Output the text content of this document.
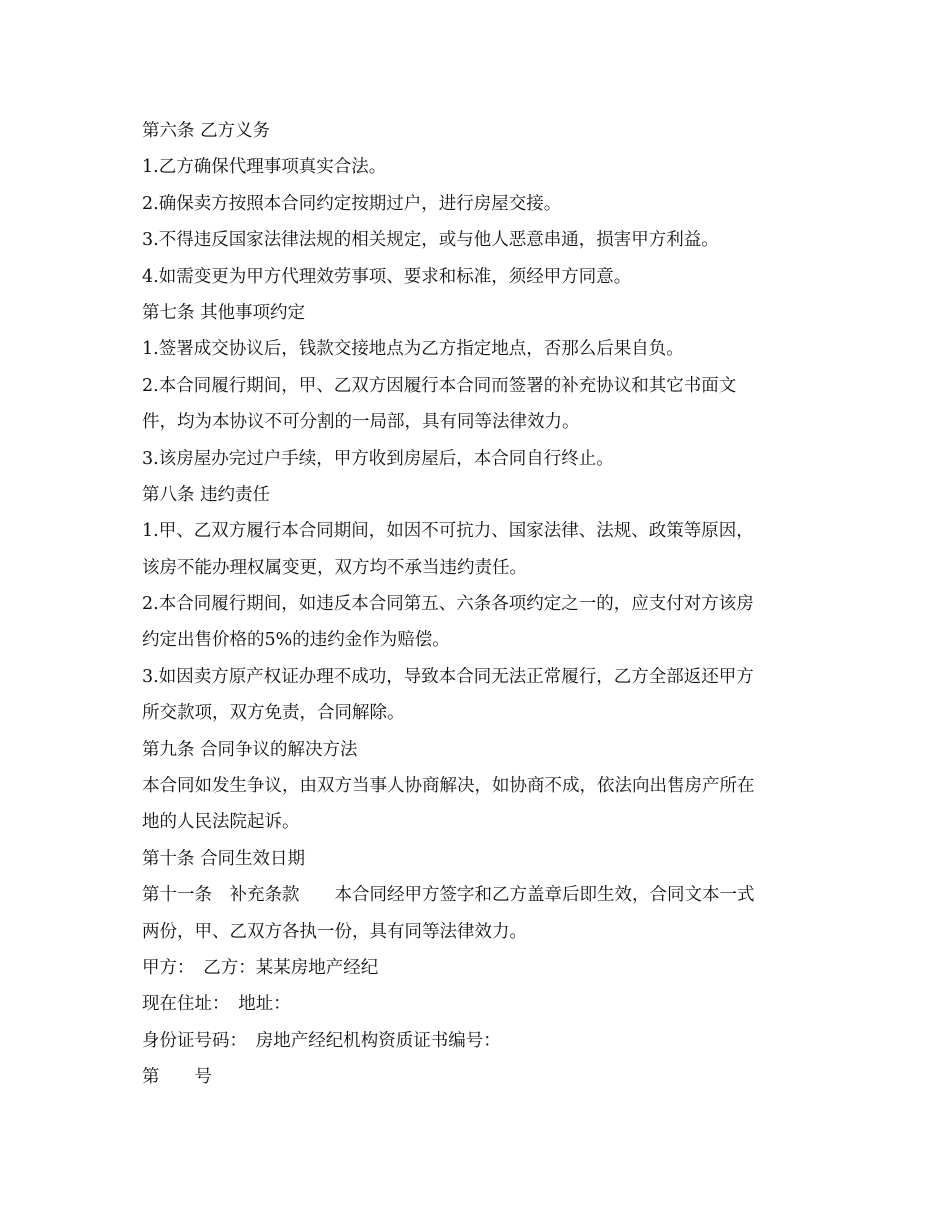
第六条 乙方义务
1.乙方确保代理事项真实合法。
2.确保卖方按照本合同约定按期过户，进行房屋交接。
3.不得违反国家法律法规的相关规定，或与他人恶意串通，损害甲方利益。
4.如需变更为甲方代理效劳事项、要求和标准，须经甲方同意。
第七条 其他事项约定
1.签署成交协议后，钱款交接地点为乙方指定地点，否那么后果自负。
2.本合同履行期间，甲、乙双方因履行本合同而签署的补充协议和其它书面文
件，均为本协议不可分割的一局部，具有同等法律效力。
3.该房屋办完过户手续，甲方收到房屋后，本合同自行终止。
第八条 违约责任
1.甲、乙双方履行本合同期间，如因不可抗力、国家法律、法规、政策等原因，
该房不能办理权属变更，双方均不承当违约责任。
2.本合同履行期间，如违反本合同第五、六条各项约定之一的，应支付对方该房
约定出售价格的5%的违约金作为赔偿。
3.如因卖方原产权证办理不成功，导致本合同无法正常履行，乙方全部返还甲方
所交款项，双方免责，合同解除。
第九条 合同争议的解决方法
本合同如发生争议，由双方当事人协商解决，如协商不成，依法向出售房产所在
地的人民法院起诉。
第十条 合同生效日期
第十一条　补充条款　　本合同经甲方签字和乙方盖章后即生效，合同文本一式
两份，甲、乙双方各执一份，具有同等法律效力。
甲方：　乙方：某某房地产经纪
现在住址：　地址：
身份证号码：　房地产经纪机构资质证书编号：
第　　号
